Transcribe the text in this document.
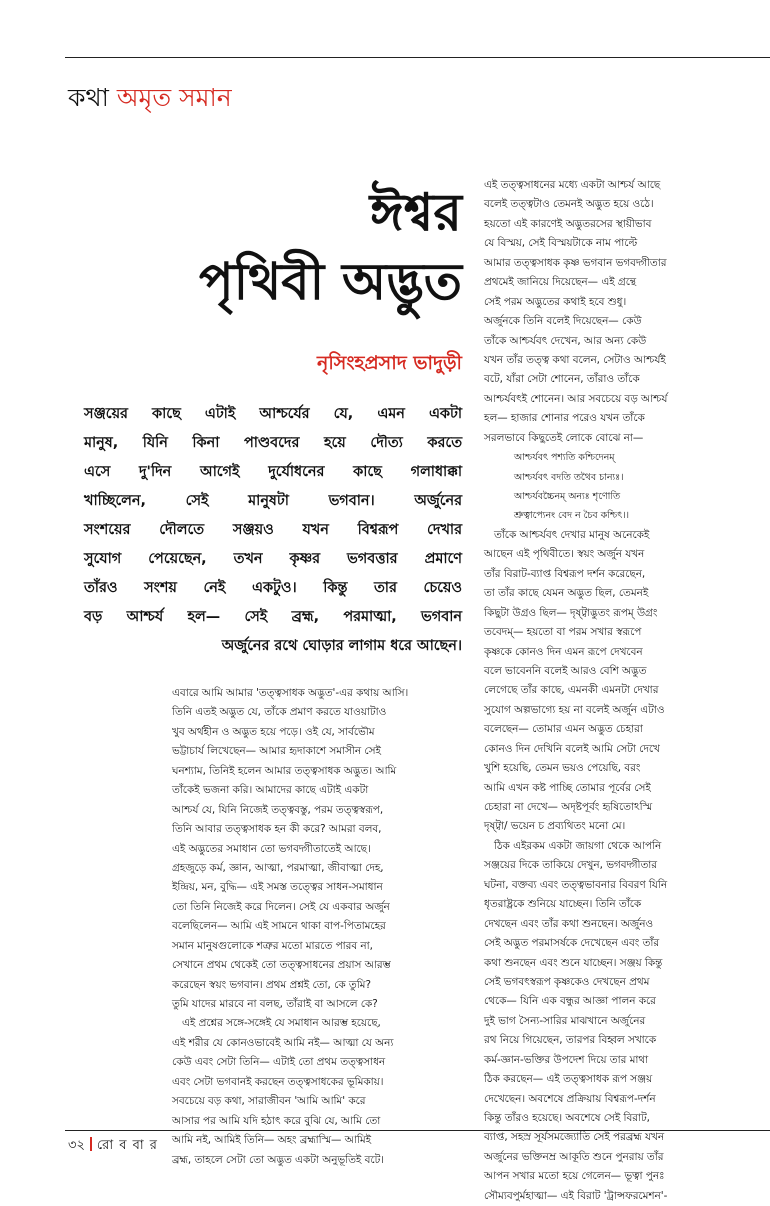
কথা অমৃত সমান
ঈশ্বর
পৃথিবী অদ্ভুত
নৃসিংহপ্রসাদ ভাদুড়ী
সঞ্জয়ের কাছে এটাই আশ্চর্যের যে, এমন একটা
মানুষ, যিনি কিনা পাণ্ডবদের হয়ে দৌত্য করতে
এসে দু'দিন আগেই দুর্যোধনের কাছে গলাধাক্কা
খাচ্ছিলেন, সেই মানুষটা ভগবান। অর্জুনের
সংশয়ের দৌলতে সঞ্জয়ও যখন বিশ্বরূপ দেখার
সুযোগ পেয়েছেন, তখন কৃষ্ণর ভগবত্তার প্রমাণে
তাঁরও সংশয় নেই একটুও। কিন্তু তার চেয়েও
বড় আশ্চর্য হল— সেই ব্রহ্ম, পরমাত্মা, ভগবান
অর্জুনের রথে ঘোড়ার লাগাম ধরে আছেন।
এবারে আমি আমার 'তত্ত্বসাধক অদ্ভুত'-এর কথায় আসি।
তিনি এতই অদ্ভুত যে, তাঁকে প্রমাণ করতে যাওয়াটাও
খুব অর্থহীন ও অদ্ভুত হয়ে পড়ে। ওই যে, সার্বভৌম
ভট্টাচার্য লিখেছেন— আমার হৃদাকাশে সমাসীন সেই
ঘনশ্যাম, তিনিই হলেন আমার তত্ত্বসাধক অদ্ভুত। আমি
তাঁকেই ভজনা করি। আমাদের কাছে এটাই একটা
আশ্চর্য যে, যিনি নিজেই তত্ত্ববস্তু, পরম তত্ত্বস্বরূপ,
তিনি আবার তত্ত্বসাধক হন কী করে? আমরা বলব,
এই অদ্ভুতের সমাধান তো ভগবদ্গীতাতেই আছে।
গ্রহজুড়ে কর্ম, জ্ঞান, আত্মা, পরমাত্মা, জীবাত্মা দেহ,
ইন্দ্রিয়, মন, বুদ্ধি— এই সমস্ত তত্ত্বের সাধন-সমাধান
তো তিনি নিজেই করে দিলেন। সেই যে একবার অর্জুন
বলেছিলেন— আমি এই সামনে থাকা বাপ-পিতামহের
সমান মানুষগুলোকে শত্রুর মতো মারতে পারব না,
সেখানে প্রথম থেকেই তো তত্ত্বসাধনের প্রয়াস আরম্ভ
করেছেন স্বয়ং ভগবান। প্রথম প্রশ্নই তো, কে তুমি?
তুমি যাদের মারবে না বলছ, তাঁরাই বা আসলে কে?
এই প্রশ্নের সঙ্গে-সঙ্গেই যে সমাধান আরম্ভ হয়েছে,
এই শরীর যে কোনওভাবেই আমি নই— আত্মা যে অন্য
কেউ এবং সেটা তিনি— এটাই তো প্রথম তত্ত্বসাধন
এবং সেটা ভগবানই করছেন তত্ত্বসাধকের ভূমিকায়।
সবচেয়ে বড় কথা, সারাজীবন 'আমি আমি' করে
আসার পর আমি যদি হঠাৎ করে বুঝি যে, আমি তো
আমি নই, আমিই তিনি— অহং ব্রহ্মাস্মি— আমিই
ব্রহ্ম, তাহলে সেটা তো অদ্ভুত একটা অনুভূতিই বটে।
এই তত্ত্বসাধনের মধ্যে একটা আশ্চর্য আছে
বলেই তত্ত্বটাও তেমনই অদ্ভুত হয়ে ওঠে।
হয়তো এই কারণেই অদ্ভুতরসের স্থায়ীভাব
যে বিস্ময়, সেই বিস্ময়টাকে নাম পাল্টে
আমার তত্ত্বসাধক কৃষ্ণ ভগবান ভগবদ্গীতার
প্রথমেই জানিয়ে দিয়েছেন— এই গ্রন্থে
সেই পরম অদ্ভুতের কথাই হবে শুধু।
অর্জুনকে তিনি বলেই দিয়েছেন— কেউ
তাঁকে আশ্চর্যবৎ দেখেন, আর অন্য কেউ
যখন তাঁর তত্ত্ব কথা বলেন, সেটাও আশ্চর্যই
বটে, যাঁরা সেটা শোনেন, তাঁরাও তাঁকে
আশ্চর্যবৎই শোনেন। আর সবচেয়ে বড় আশ্চর্য
হল— হাজার শোনার পরেও যখন তাঁকে
সরলভাবে কিছুতেই লোকে বোঝে না—
আশ্চর্যবৎ পশ্যতি কশ্চিদেনম্
আশ্চর্যবৎ বদতি তথৈব চান্যঃ।
আশ্চর্যবচ্চৈনম্ অন্যঃ শৃণোতি
শ্রুত্বাপ্যেনং বেদ ন চৈব কশ্চিৎ।।
তাঁকে আশ্চর্যবৎ দেখার মানুষ অনেকেই
আছেন এই পৃথিবীতে। স্বয়ং অর্জুন যখন
তাঁর বিরাট-ব্যাপ্ত বিশ্বরূপ দর্শন করেছেন,
তা তাঁর কাছে যেমন অদ্ভুত ছিল, তেমনই
কিছুটা উগ্রও ছিল— দৃষ্ট্বাদ্ভুতং রূপম্ উগ্রং
তবেদম্— হয়তো বা পরম সখার স্বরূপে
কৃষ্ণকে কোনও দিন এমন রূপে দেখবেন
বলে ভাবেননি বলেই আরও বেশি অদ্ভুত
লেগেছে তাঁর কাছে, এমনকী এমনটা দেখার
সুযোগ অল্পভাগ্যে হয় না বলেই অর্জুন এটাও
বলেছেন— তোমার এমন অদ্ভুত চেহারা
কোনও দিন দেখিনি বলেই আমি সেটা দেখে
খুশি হয়েছি, তেমন ভয়ও পেয়েছি, বরং
আমি এখন কষ্ট পাচ্ছি তোমার পূর্বের সেই
চেহারা না দেখে— অদৃষ্টপূর্বং হৃষিতোঽস্মি
দৃষ্ট্বা/ ভয়েন চ প্রব্যথিতং মনো মে।
ঠিক এইরকম একটা জায়গা থেকে আপনি
সঞ্জয়ের দিকে তাকিয়ে দেখুন, ভগবদ্গীতার
ঘটনা, বক্তব্য এবং তত্ত্বভাবনার বিবরণ যিনি
ধৃতরাষ্ট্রকে শুনিয়ে যাচ্ছেন। তিনি তাঁকে
দেখছেন এবং তাঁর কথা শুনছেন। অর্জুনও
সেই অদ্ভুত পরমাসর্ষকে দেখেছেন এবং তাঁর
কথা শুনছেন এবং শুনে যাচ্ছেন। সঞ্জয় কিন্তু
সেই ভগবৎস্বরূপ কৃষ্ণকেও দেখছেন প্রথম
থেকে— যিনি এক বন্ধুর আজ্ঞা পালন করে
দুই ভাগ সৈন্য-সারির মাঝখানে অর্জুনের
রথ নিয়ে গিয়েছেন, তারপর বিহ্বল সখাকে
কর্ম-জ্ঞান-ভক্তির উপদেশ দিয়ে তার মাথা
ঠিক করছেন— এই তত্ত্বসাধক রূপ সঞ্জয়
দেখেছেন। অবশেষে প্রক্রিয়ায় বিশ্বরূপ-দর্শন
কিন্তু তাঁরও হয়েছে। অবশেষে সেই বিরাট,
ব্যাপ্ত, সহস্র সূর্যসমজ্যোতি সেই পরব্রহ্ম যখন
অর্জুনের ভক্তিনম্র আকূতি শুনে পুনরায় তাঁর
আপন সখার মতো হয়ে গেলেন— ভূত্বা পুনঃ
সৌম্যবপুর্মহাত্মা— এই বিরাট 'ট্রান্সফরমেশন'-
৩২ রো ব বা র
